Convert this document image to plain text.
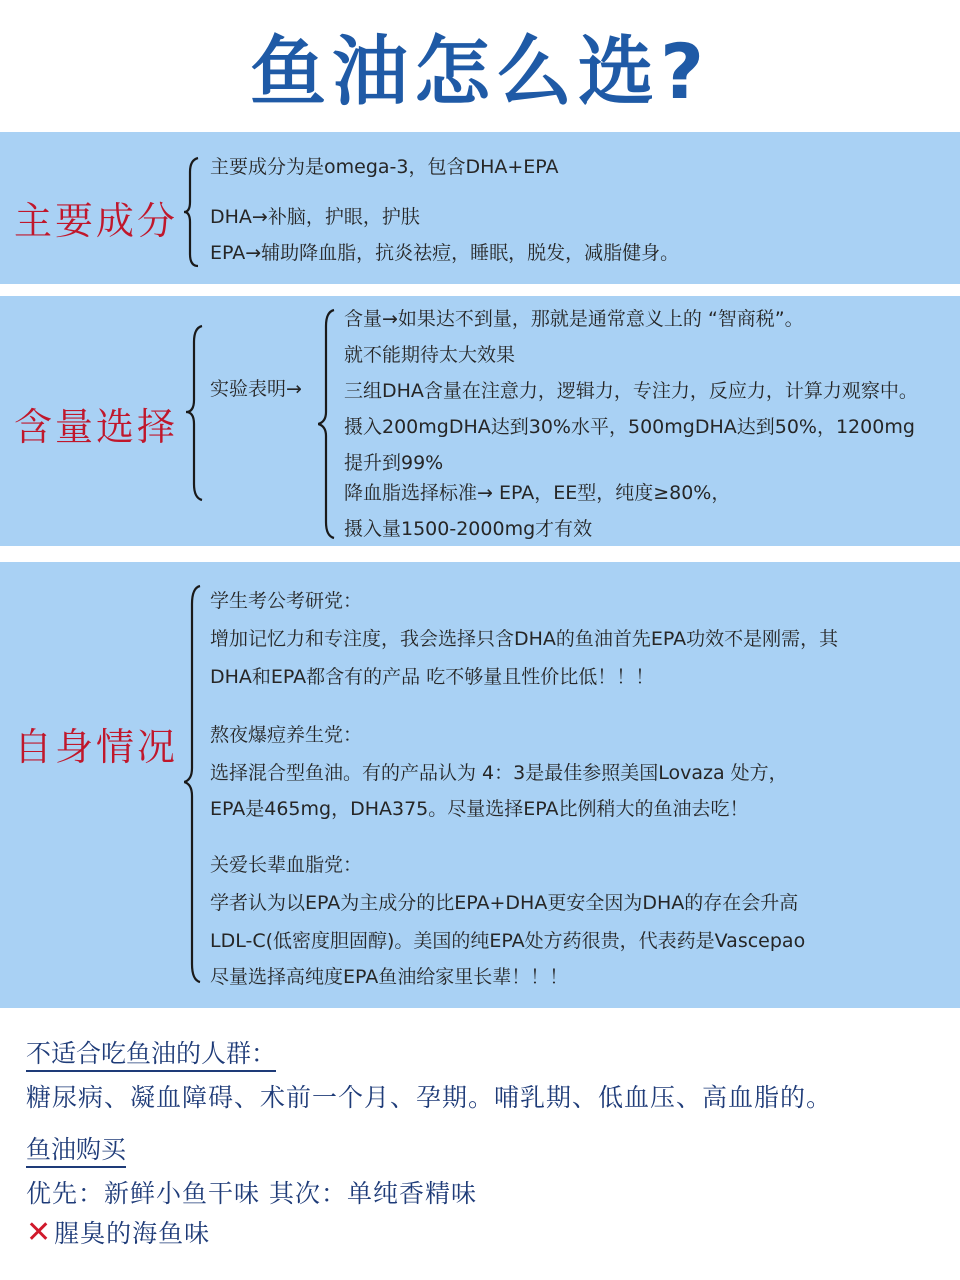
鱼油怎么选?
主要成分
主要成分为是omega-3，包含DHA+EPA
DHA→补脑，护眼，护肤
EPA→辅助降血脂，抗炎祛痘，睡眠，脱发，减脂健身。
含量选择
实验表明→
含量→如果达不到量，那就是通常意义上的 “智商税”。
就不能期待太大效果
三组DHA含量在注意力，逻辑力，专注力，反应力，计算力观察中。
摄入200mgDHA达到30%水平，500mgDHA达到50%，1200mg
提升到99%
降血脂选择标准→ EPA，EE型，纯度≥80%，
摄入量1500-2000mg才有效
自身情况
学生考公考研党：
增加记忆力和专注度，我会选择只含DHA的鱼油首先EPA功效不是刚需，其
DHA和EPA都含有的产品 吃不够量且性价比低！！！
熬夜爆痘养生党：
选择混合型鱼油。有的产品认为 4：3是最佳参照美国Lovaza 处方，
EPA是465mg，DHA375。尽量选择EPA比例稍大的鱼油去吃！
关爱长辈血脂党：
学者认为以EPA为主成分的比EPA+DHA更安全因为DHA的存在会升高
LDL-C(低密度胆固醇)。美国的纯EPA处方药很贵，代表药是Vascepao
尽量选择高纯度EPA鱼油给家里长辈！！！
不适合吃鱼油的人群：
糖尿病、凝血障碍、术前一个月、孕期。哺乳期、低血压、高血脂的。
鱼油购买
优先：新鲜小鱼干味 其次：单纯香精味
✕腥臭的海鱼味
